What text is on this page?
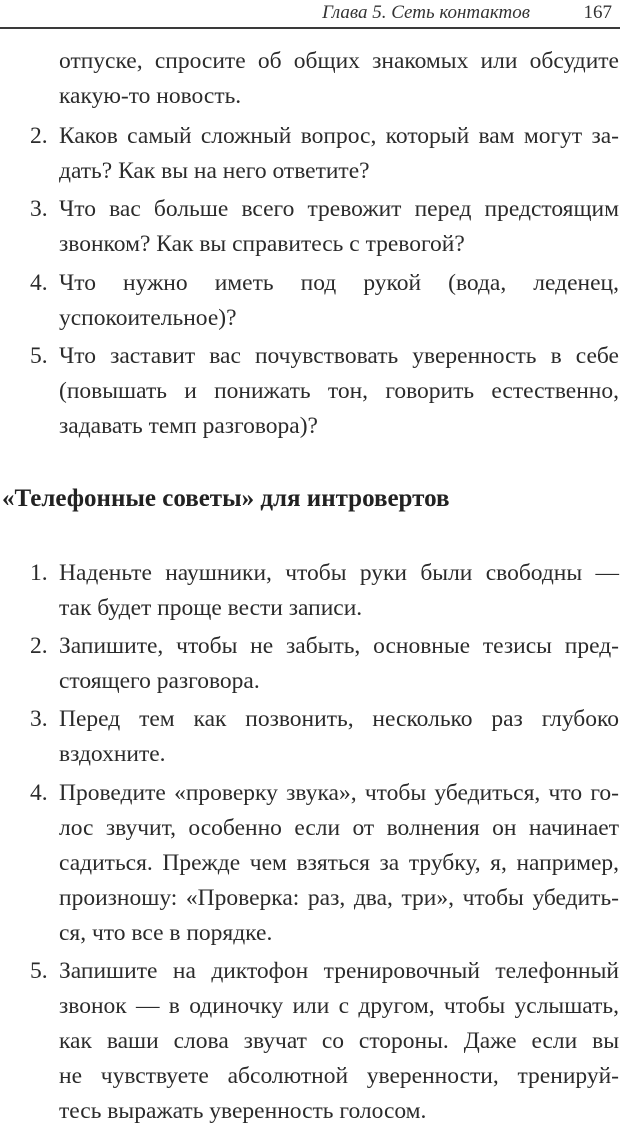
Глава 5. Сеть контактов	167
отпуске, спросите об общих знакомых или обсудите
какую-то новость.
2. Каков самый сложный вопрос, который вам могут за-
дать? Как вы на него ответите?
3. Что вас больше всего тревожит перед предстоящим
звонком? Как вы справитесь с тревогой?
4. Что нужно иметь под рукой (вода, леденец,
успокоительное)?
5. Что заставит вас почувствовать уверенность в себе
(повышать и понижать тон, говорить естественно,
задавать темп разговора)?
«Телефонные советы» для интровертов
1. Наденьте наушники, чтобы руки были свободны —
так будет проще вести записи.
2. Запишите, чтобы не забыть, основные тезисы пред-
стоящего разговора.
3. Перед тем как позвонить, несколько раз глубоко
вздохните.
4. Проведите «проверку звука», чтобы убедиться, что го-
лос звучит, особенно если от волнения он начинает
садиться. Прежде чем взяться за трубку, я, например,
произношу: «Проверка: раз, два, три», чтобы убедить-
ся, что все в порядке.
5. Запишите на диктофон тренировочный телефонный
звонок — в одиночку или с другом, чтобы услышать,
как ваши слова звучат со стороны. Даже если вы
не чувствуете абсолютной уверенности, тренируй-
тесь выражать уверенность голосом.
